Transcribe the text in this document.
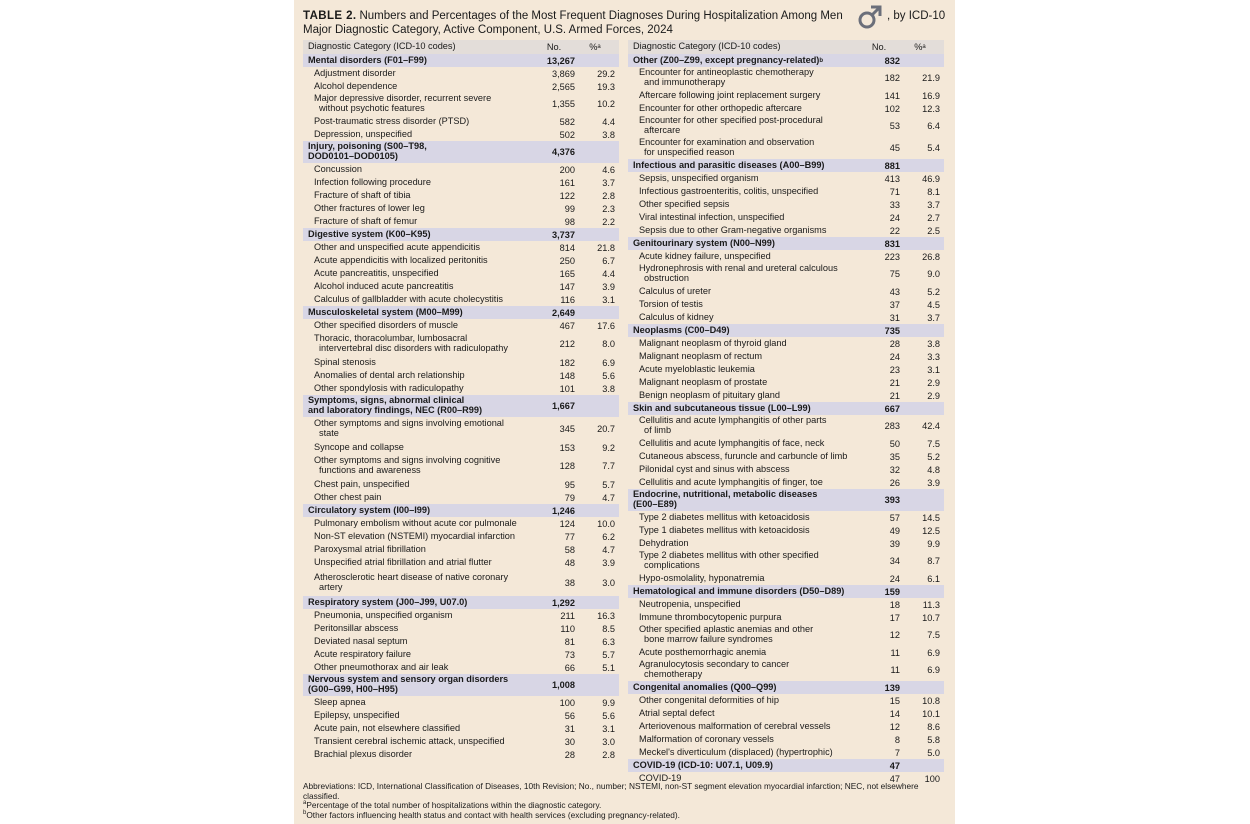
TABLE 2. Numbers and Percentages of the Most Frequent Diagnoses During Hospitalization Among Men	, by ICD-10
Major Diagnostic Category, Active Component, U.S. Armed Forces, 2024
Diagnostic Category (ICD-10 codes)	No.	% a
Mental disorders (F01–F99)	13,267
Adjustment disorder	3,869	29.2
Alcohol dependence	2,565	19.3
Major depressive disorder, recurrent severe
without psychotic features	1,355	10.2
Post-traumatic stress disorder (PTSD)	582	4.4
Depression, unspecified	502	3.8
Injury, poisoning (S00–T98,
DOD0101–DOD0105)	4,376
Concussion	200	4.6
Infection following procedure	161	3.7
Fracture of shaft of tibia	122	2.8
Other fractures of lower leg	99	2.3
Fracture of shaft of femur	98	2.2
Digestive system (K00–K95)	3,737
Other and unspecified acute appendicitis	814	21.8
Acute appendicitis with localized peritonitis	250	6.7
Acute pancreatitis, unspecified	165	4.4
Alcohol induced acute pancreatitis	147	3.9
Calculus of gallbladder with acute cholecystitis	116	3.1
Musculoskeletal system (M00–M99)	2,649
Other specified disorders of muscle	467	17.6
Thoracic, thoracolumbar, lumbosacral
intervertebral disc disorders with radiculopathy	212	8.0
Spinal stenosis	182	6.9
Anomalies of dental arch relationship	148	5.6
Other spondylosis with radiculopathy	101	3.8
Symptoms, signs, abnormal clinical
and laboratory findings, NEC (R00–R99)	1,667
Other symptoms and signs involving emotional
state	345	20.7
Syncope and collapse	153	9.2
Other symptoms and signs involving cognitive
functions and awareness	128	7.7
Chest pain, unspecified	95	5.7
Other chest pain	79	4.7
Circulatory system (I00–I99)	1,246
Pulmonary embolism without acute cor pulmonale	124	10.0
Non-ST elevation (NSTEMI) myocardial infarction	77	6.2
Paroxysmal atrial fibrillation	58	4.7
Unspecified atrial fibrillation and atrial flutter	48	3.9
Atherosclerotic heart disease of native coronary
artery	38	3.0
Respiratory system (J00–J99, U07.0)	1,292
Pneumonia, unspecified organism	211	16.3
Peritonsillar abscess	110	8.5
Deviated nasal septum	81	6.3
Acute respiratory failure	73	5.7
Other pneumothorax and air leak	66	5.1
Nervous system and sensory organ disorders
(G00–G99, H00–H95)	1,008
Sleep apnea	100	9.9
Epilepsy, unspecified	56	5.6
Acute pain, not elsewhere classified	31	3.1
Transient cerebral ischemic attack, unspecified	30	3.0
Brachial plexus disorder	28	2.8
Diagnostic Category (ICD-10 codes)	No.	% a
Other (Z00–Z99, except pregnancy-related) b	832
Encounter for antineoplastic chemotherapy
and immunotherapy	182	21.9
Aftercare following joint replacement surgery	141	16.9
Encounter for other orthopedic aftercare	102	12.3
Encounter for other specified post-procedural
aftercare	53	6.4
Encounter for examination and observation
for unspecified reason	45	5.4
Infectious and parasitic diseases (A00–B99)	881
Sepsis, unspecified organism	413	46.9
Infectious gastroenteritis, colitis, unspecified	71	8.1
Other specified sepsis	33	3.7
Viral intestinal infection, unspecified	24	2.7
Sepsis due to other Gram-negative organisms	22	2.5
Genitourinary system (N00–N99)	831
Acute kidney failure, unspecified	223	26.8
Hydronephrosis with renal and ureteral calculous
obstruction	75	9.0
Calculus of ureter	43	5.2
Torsion of testis	37	4.5
Calculus of kidney	31	3.7
Neoplasms (C00–D49)	735
Malignant neoplasm of thyroid gland	28	3.8
Malignant neoplasm of rectum	24	3.3
Acute myeloblastic leukemia	23	3.1
Malignant neoplasm of prostate	21	2.9
Benign neoplasm of pituitary gland	21	2.9
Skin and subcutaneous tissue (L00–L99)	667
Cellulitis and acute lymphangitis of other parts
of limb	283	42.4
Cellulitis and acute lymphangitis of face, neck	50	7.5
Cutaneous abscess, furuncle and carbuncle of limb	35	5.2
Pilonidal cyst and sinus with abscess	32	4.8
Cellulitis and acute lymphangitis of finger, toe	26	3.9
Endocrine, nutritional, metabolic diseases
(E00–E89)	393
Type 2 diabetes mellitus with ketoacidosis	57	14.5
Type 1 diabetes mellitus with ketoacidosis	49	12.5
Dehydration	39	9.9
Type 2 diabetes mellitus with other specified
complications	34	8.7
Hypo-osmolality, hyponatremia	24	6.1
Hematological and immune disorders (D50–D89)	159
Neutropenia, unspecified	18	11.3
Immune thrombocytopenic purpura	17	10.7
Other specified aplastic anemias and other
bone marrow failure syndromes	12	7.5
Acute posthemorrhagic anemia	11	6.9
Agranulocytosis secondary to cancer
chemotherapy	11	6.9
Congenital anomalies (Q00–Q99)	139
Other congenital deformities of hip	15	10.8
Atrial septal defect	14	10.1
Arteriovenous malformation of cerebral vessels	12	8.6
Malformation of coronary vessels	8	5.8
Meckel's diverticulum (displaced) (hypertrophic)	7	5.0
COVID-19 (ICD-10: U07.1, U09.9)	47
COVID-19	47	100
Abbreviations: ICD, International Classification of Diseases, 10th Revision; No., number; NSTEMI, non-ST segment elevation myocardial infarction; NEC, not elsewhere classified.
$^a$Percentage of the total number of hospitalizations within the diagnostic category.
$^b$Other factors influencing health status and contact with health services (excluding pregnancy-related).
